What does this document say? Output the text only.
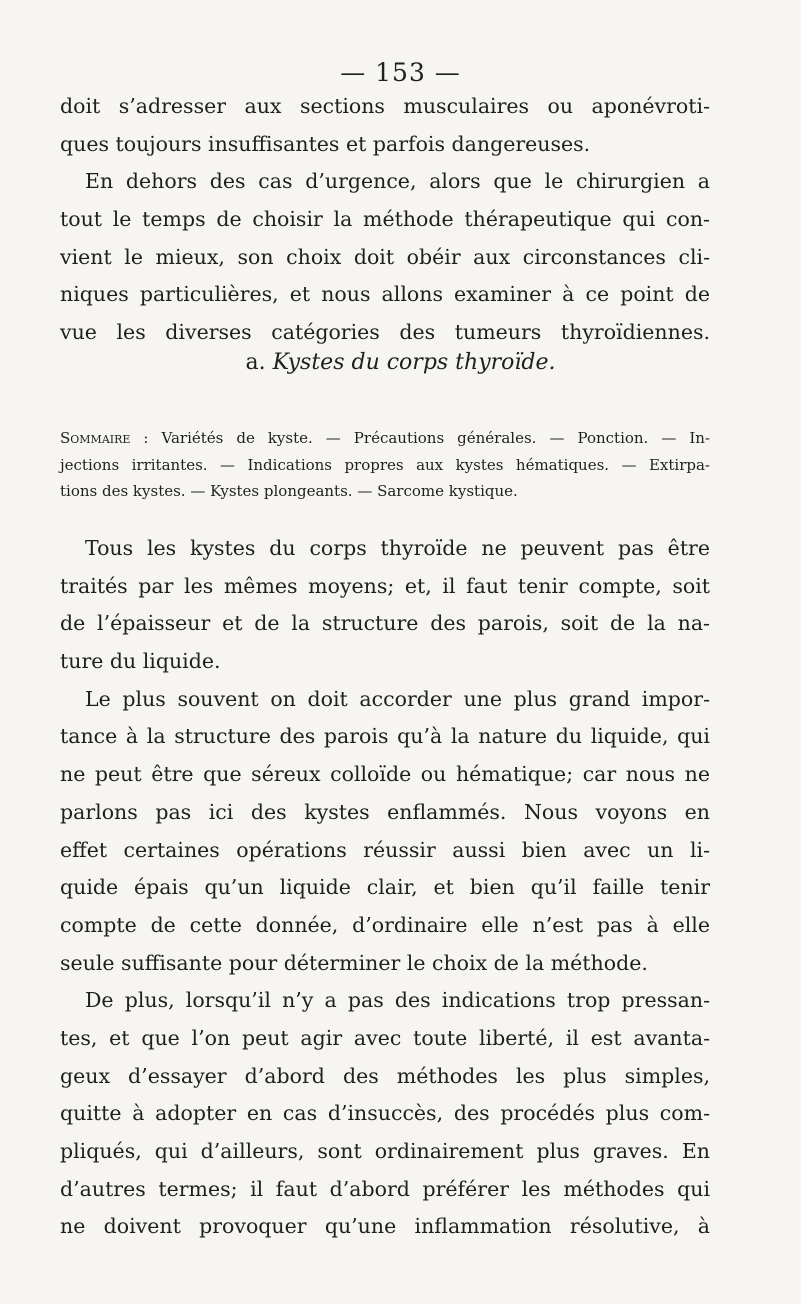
— 153 —
doit s’adresser aux sections musculaires ou aponévroti-
ques toujours insuffisantes et parfois dangereuses.
En dehors des cas d’urgence, alors que le chirurgien a
tout le temps de choisir la méthode thérapeutique qui con-
vient le mieux, son choix doit obéir aux circonstances cli-
niques particulières, et nous allons examiner à ce point de
vue les diverses catégories des tumeurs thyroïdiennes.
a. Kystes du corps thyroïde.
Sommaire : Variétés de kyste. — Précautions générales. — Ponction. — In-
jections irritantes. — Indications propres aux kystes hématiques. — Extirpa-
tions des kystes. — Kystes plongeants. — Sarcome kystique.
Tous les kystes du corps thyroïde ne peuvent pas être
traités par les mêmes moyens; et, il faut tenir compte, soit
de l’épaisseur et de la structure des parois, soit de la na-
ture du liquide.
Le plus souvent on doit accorder une plus grand impor-
tance à la structure des parois qu’à la nature du liquide, qui
ne peut être que séreux colloïde ou hématique; car nous ne
parlons pas ici des kystes enflammés. Nous voyons en
effet certaines opérations réussir aussi bien avec un li-
quide épais qu’un liquide clair, et bien qu’il faille tenir
compte de cette donnée, d’ordinaire elle n’est pas à elle
seule suffisante pour déterminer le choix de la méthode.
De plus, lorsqu’il n’y a pas des indications trop pressan-
tes, et que l’on peut agir avec toute liberté, il est avanta-
geux d’essayer d’abord des méthodes les plus simples,
quitte à adopter en cas d’insuccès, des procédés plus com-
pliqués, qui d’ailleurs, sont ordinairement plus graves. En
d’autres termes; il faut d’abord préférer les méthodes qui
ne doivent provoquer qu’une inflammation résolutive, à
